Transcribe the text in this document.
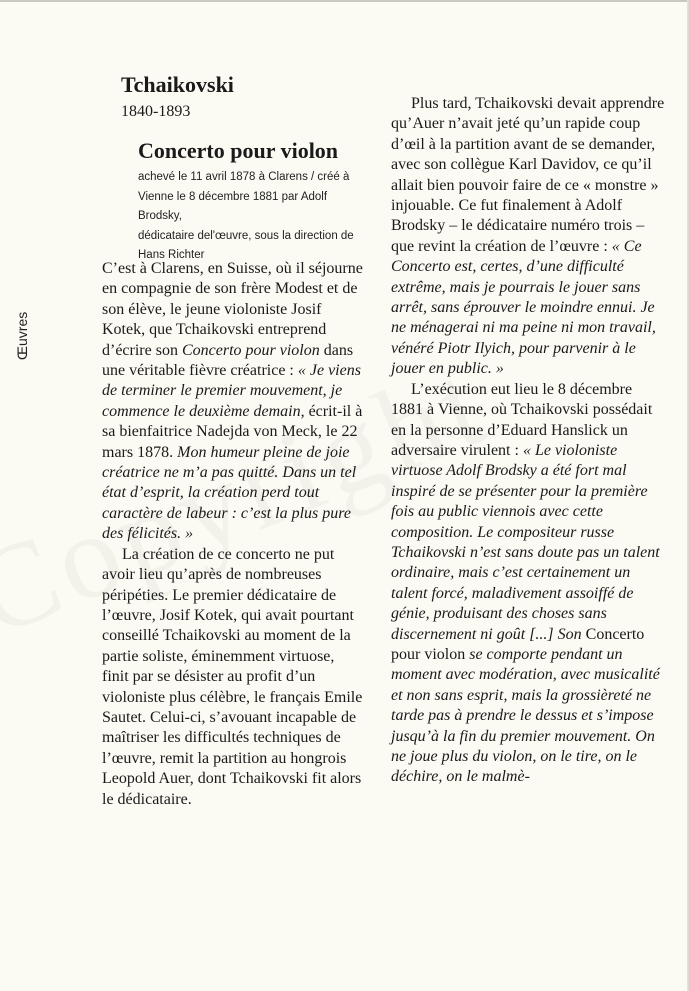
Œuvres
Tchaikovski
1840-1893
Concerto pour violon
achevé le 11 avril 1878 à Clarens / créé à
Vienne le 8 décembre 1881 par Adolf Brodsky,
dédicataire del'œuvre, sous la direction de
Hans Richter

C’est à Clarens, en Suisse, où il séjourne en compagnie de son frère Modest et de son élève, le jeune violoniste Josif Kotek, que Tchaikovski entreprend d’écrire son Concerto pour violon dans une véritable fièvre créatrice : « Je viens de terminer le premier mouvement, je commence le deuxième demain, écrit-il à sa bienfaitrice Nadejda von Meck, le 22 mars 1878. Mon humeur pleine de joie créatrice ne m’a pas quitté. Dans un tel état d’esprit, la création perd tout caractère de labeur : c’est la plus pure des félicités. »

La création de ce concerto ne put avoir lieu qu’après de nombreuses péripéties. Le premier dédicataire de l’œuvre, Josif Kotek, qui avait pourtant conseillé Tchaikovski au moment de la partie soliste, éminemment virtuose, finit par se désister au profit d’un violoniste plus célèbre, le français Emile Sautet. Celui-ci, s’avouant incapable de maîtriser les difficultés techniques de l’œuvre, remit la partition au hongrois Leopold Auer, dont Tchaikovski fit alors le dédicataire.

Plus tard, Tchaikovski devait apprendre qu’Auer n’avait jeté qu’un rapide coup d’œil à la partition avant de se demander, avec son collègue Karl Davidov, ce qu’il allait bien pouvoir faire de ce « monstre » injouable. Ce fut finalement à Adolf Brodsky – le dédicataire numéro trois – que revint la création de l’œuvre : « Ce Concerto est, certes, d’une difficulté extrême, mais je pourrais le jouer sans arrêt, sans éprouver le moindre ennui. Je ne ménagerai ni ma peine ni mon travail, vénéré Piotr Ilyich, pour parvenir à le jouer en public. »

L’exécution eut lieu le 8 décembre 1881 à Vienne, où Tchaikovski possédait en la personne d’Eduard Hanslick un adversaire virulent : « Le violoniste virtuose Adolf Brodsky a été fort mal inspiré de se présenter pour la première fois au public viennois avec cette composition. Le compositeur russe Tchaikovski n’est sans doute pas un talent ordinaire, mais c’est certainement un talent forcé, maladivement assoiffé de génie, produisant des choses sans discernement ni goût [...] Son Concerto pour violon se comporte pendant un moment avec modération, avec musicalité et non sans esprit, mais la grossièreté ne tarde pas à prendre le dessus et s’impose jusqu’à la fin du premier mouvement. On ne joue plus du violon, on le tire, on le déchire, on le malmè-
